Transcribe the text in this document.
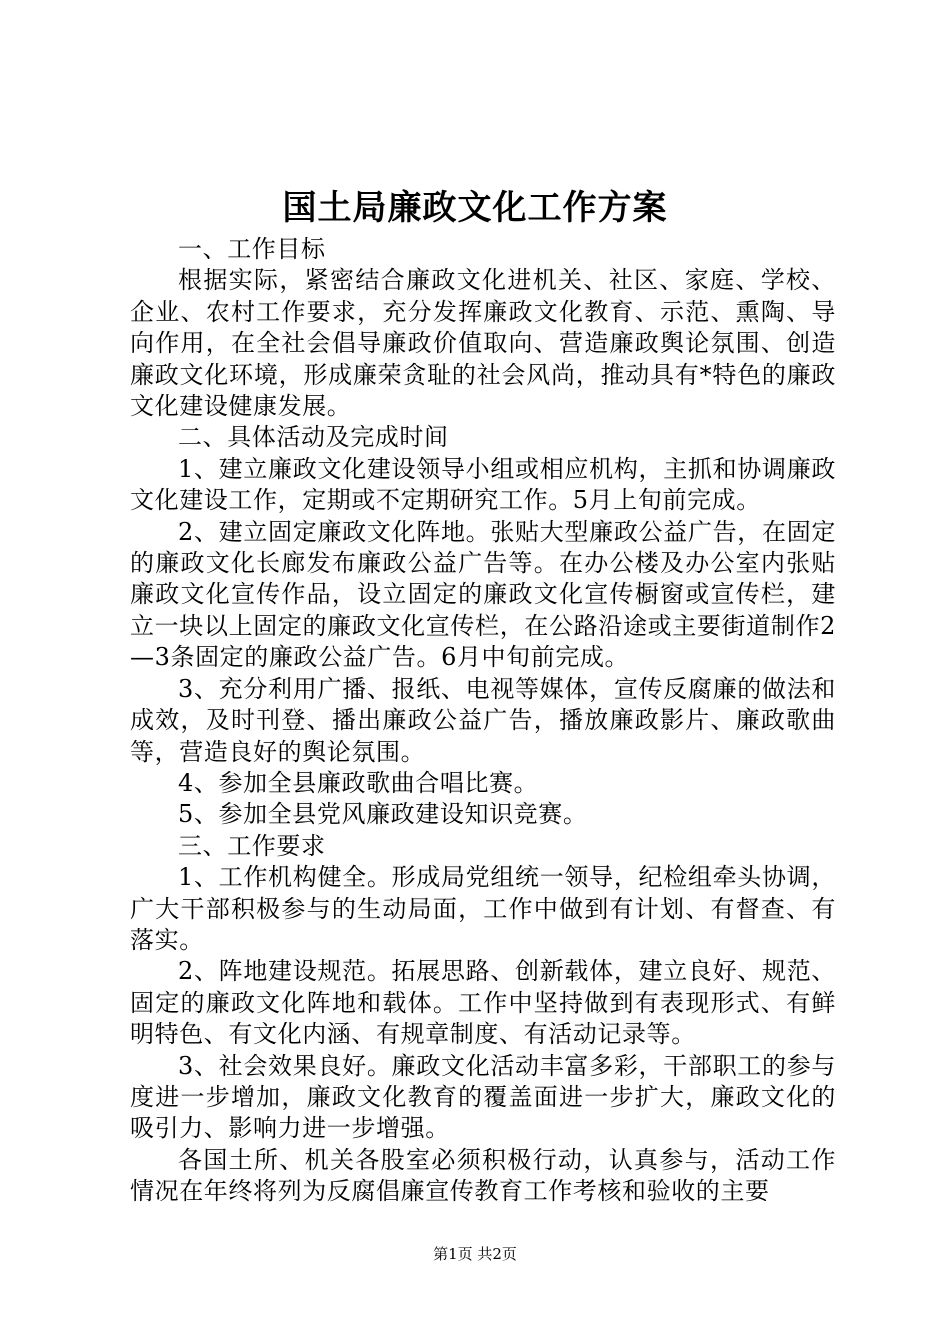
国土局廉政文化工作方案

一、工作目标

根据实际，紧密结合廉政文化进机关、社区、家庭、学校、企业、农村工作要求，充分发挥廉政文化教育、示范、熏陶、导向作用，在全社会倡导廉政价值取向、营造廉政舆论氛围、创造廉政文化环境，形成廉荣贪耻的社会风尚，推动具有*特色的廉政文化建设健康发展。

二、具体活动及完成时间

1、建立廉政文化建设领导小组或相应机构，主抓和协调廉政文化建设工作，定期或不定期研究工作。5月上旬前完成。

2、建立固定廉政文化阵地。张贴大型廉政公益广告，在固定的廉政文化长廊发布廉政公益广告等。在办公楼及办公室内张贴廉政文化宣传作品，设立固定的廉政文化宣传橱窗或宣传栏，建立一块以上固定的廉政文化宣传栏，在公路沿途或主要街道制作2—3条固定的廉政公益广告。6月中旬前完成。

3、充分利用广播、报纸、电视等媒体，宣传反腐廉的做法和成效，及时刊登、播出廉政公益广告，播放廉政影片、廉政歌曲等，营造良好的舆论氛围。

4、参加全县廉政歌曲合唱比赛。

5、参加全县党风廉政建设知识竞赛。

三、工作要求

1、工作机构健全。形成局党组统一领导，纪检组牵头协调，广大干部积极参与的生动局面，工作中做到有计划、有督查、有落实。

2、阵地建设规范。拓展思路、创新载体，建立良好、规范、固定的廉政文化阵地和载体。工作中坚持做到有表现形式、有鲜明特色、有文化内涵、有规章制度、有活动记录等。

3、社会效果良好。廉政文化活动丰富多彩，干部职工的参与度进一步增加，廉政文化教育的覆盖面进一步扩大，廉政文化的吸引力、影响力进一步增强。

各国土所、机关各股室必须积极行动，认真参与，活动工作情况在年终将列为反腐倡廉宣传教育工作考核和验收的主要

第1页 共2页
